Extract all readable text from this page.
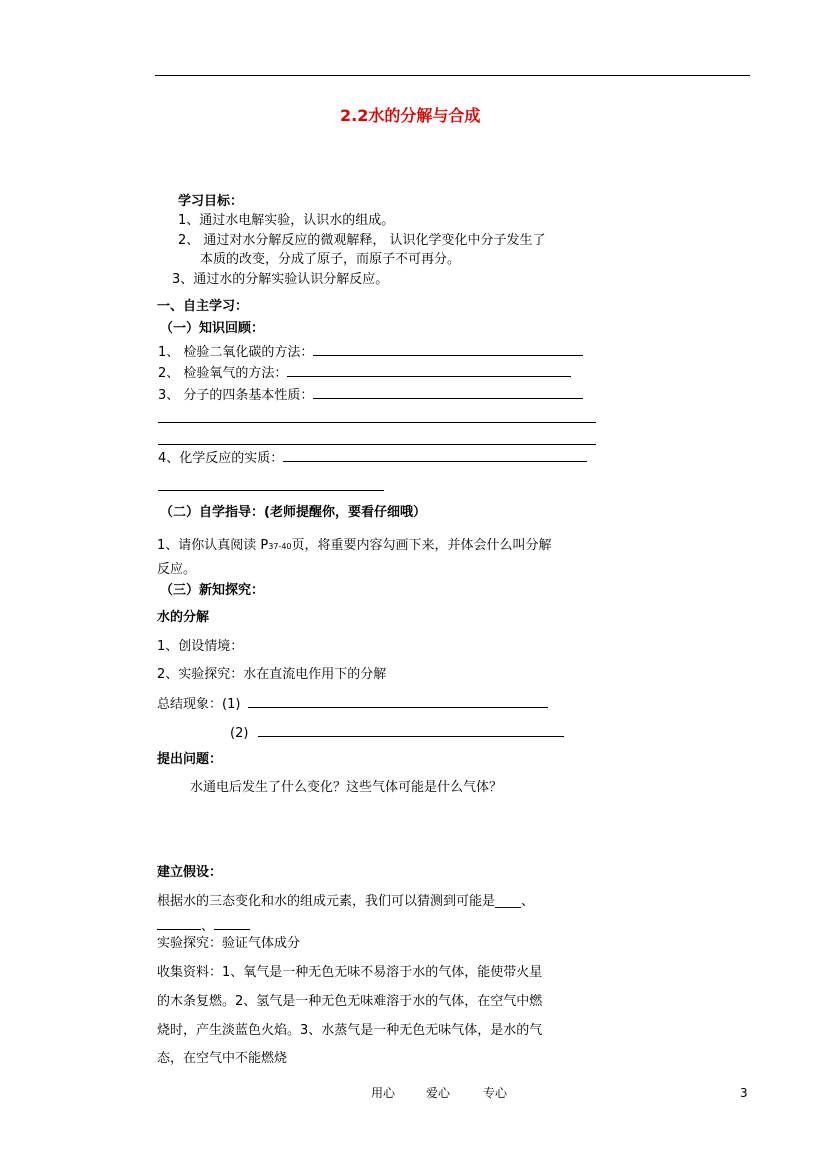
2.2水的分解与合成
学习目标：
1、通过水电解实验，认识水的组成。
2、 通过对水分解反应的微观解释， 认识化学变化中分子发生了
本质的改变，分成了原子，而原子不可再分。
3、通过水的分解实验认识分解反应。
一、自主学习：
（一）知识回顾：
1、 检验二氧化碳的方法：
2、 检验氧气的方法：
3、 分子的四条基本性质：
4、化学反应的实质：
（二）自学指导：(老师提醒你，要看仔细哦）
1、请你认真阅读 P37-40页，将重要内容勾画下来，并体会什么叫分解
反应。
（三）新知探究：
水的分解
1、创设情境：
2、实验探究：水在直流电作用下的分解
总结现象：(1)
(2)
提出问题：
水通电后发生了什么变化？这些气体可能是什么气体？
建立假设：
根据水的三态变化和水的组成元素，我们可以猜测到可能是____、
、
实验探究：验证气体成分
收集资料：1、氧气是一种无色无味不易溶于水的气体，能使带火星
的木条复燃。2、氢气是一种无色无味难溶于水的气体，在空气中燃
烧时，产生淡蓝色火焰。3、水蒸气是一种无色无味气体，是水的气
态，在空气中不能燃烧
用心	爱心	专心	3
